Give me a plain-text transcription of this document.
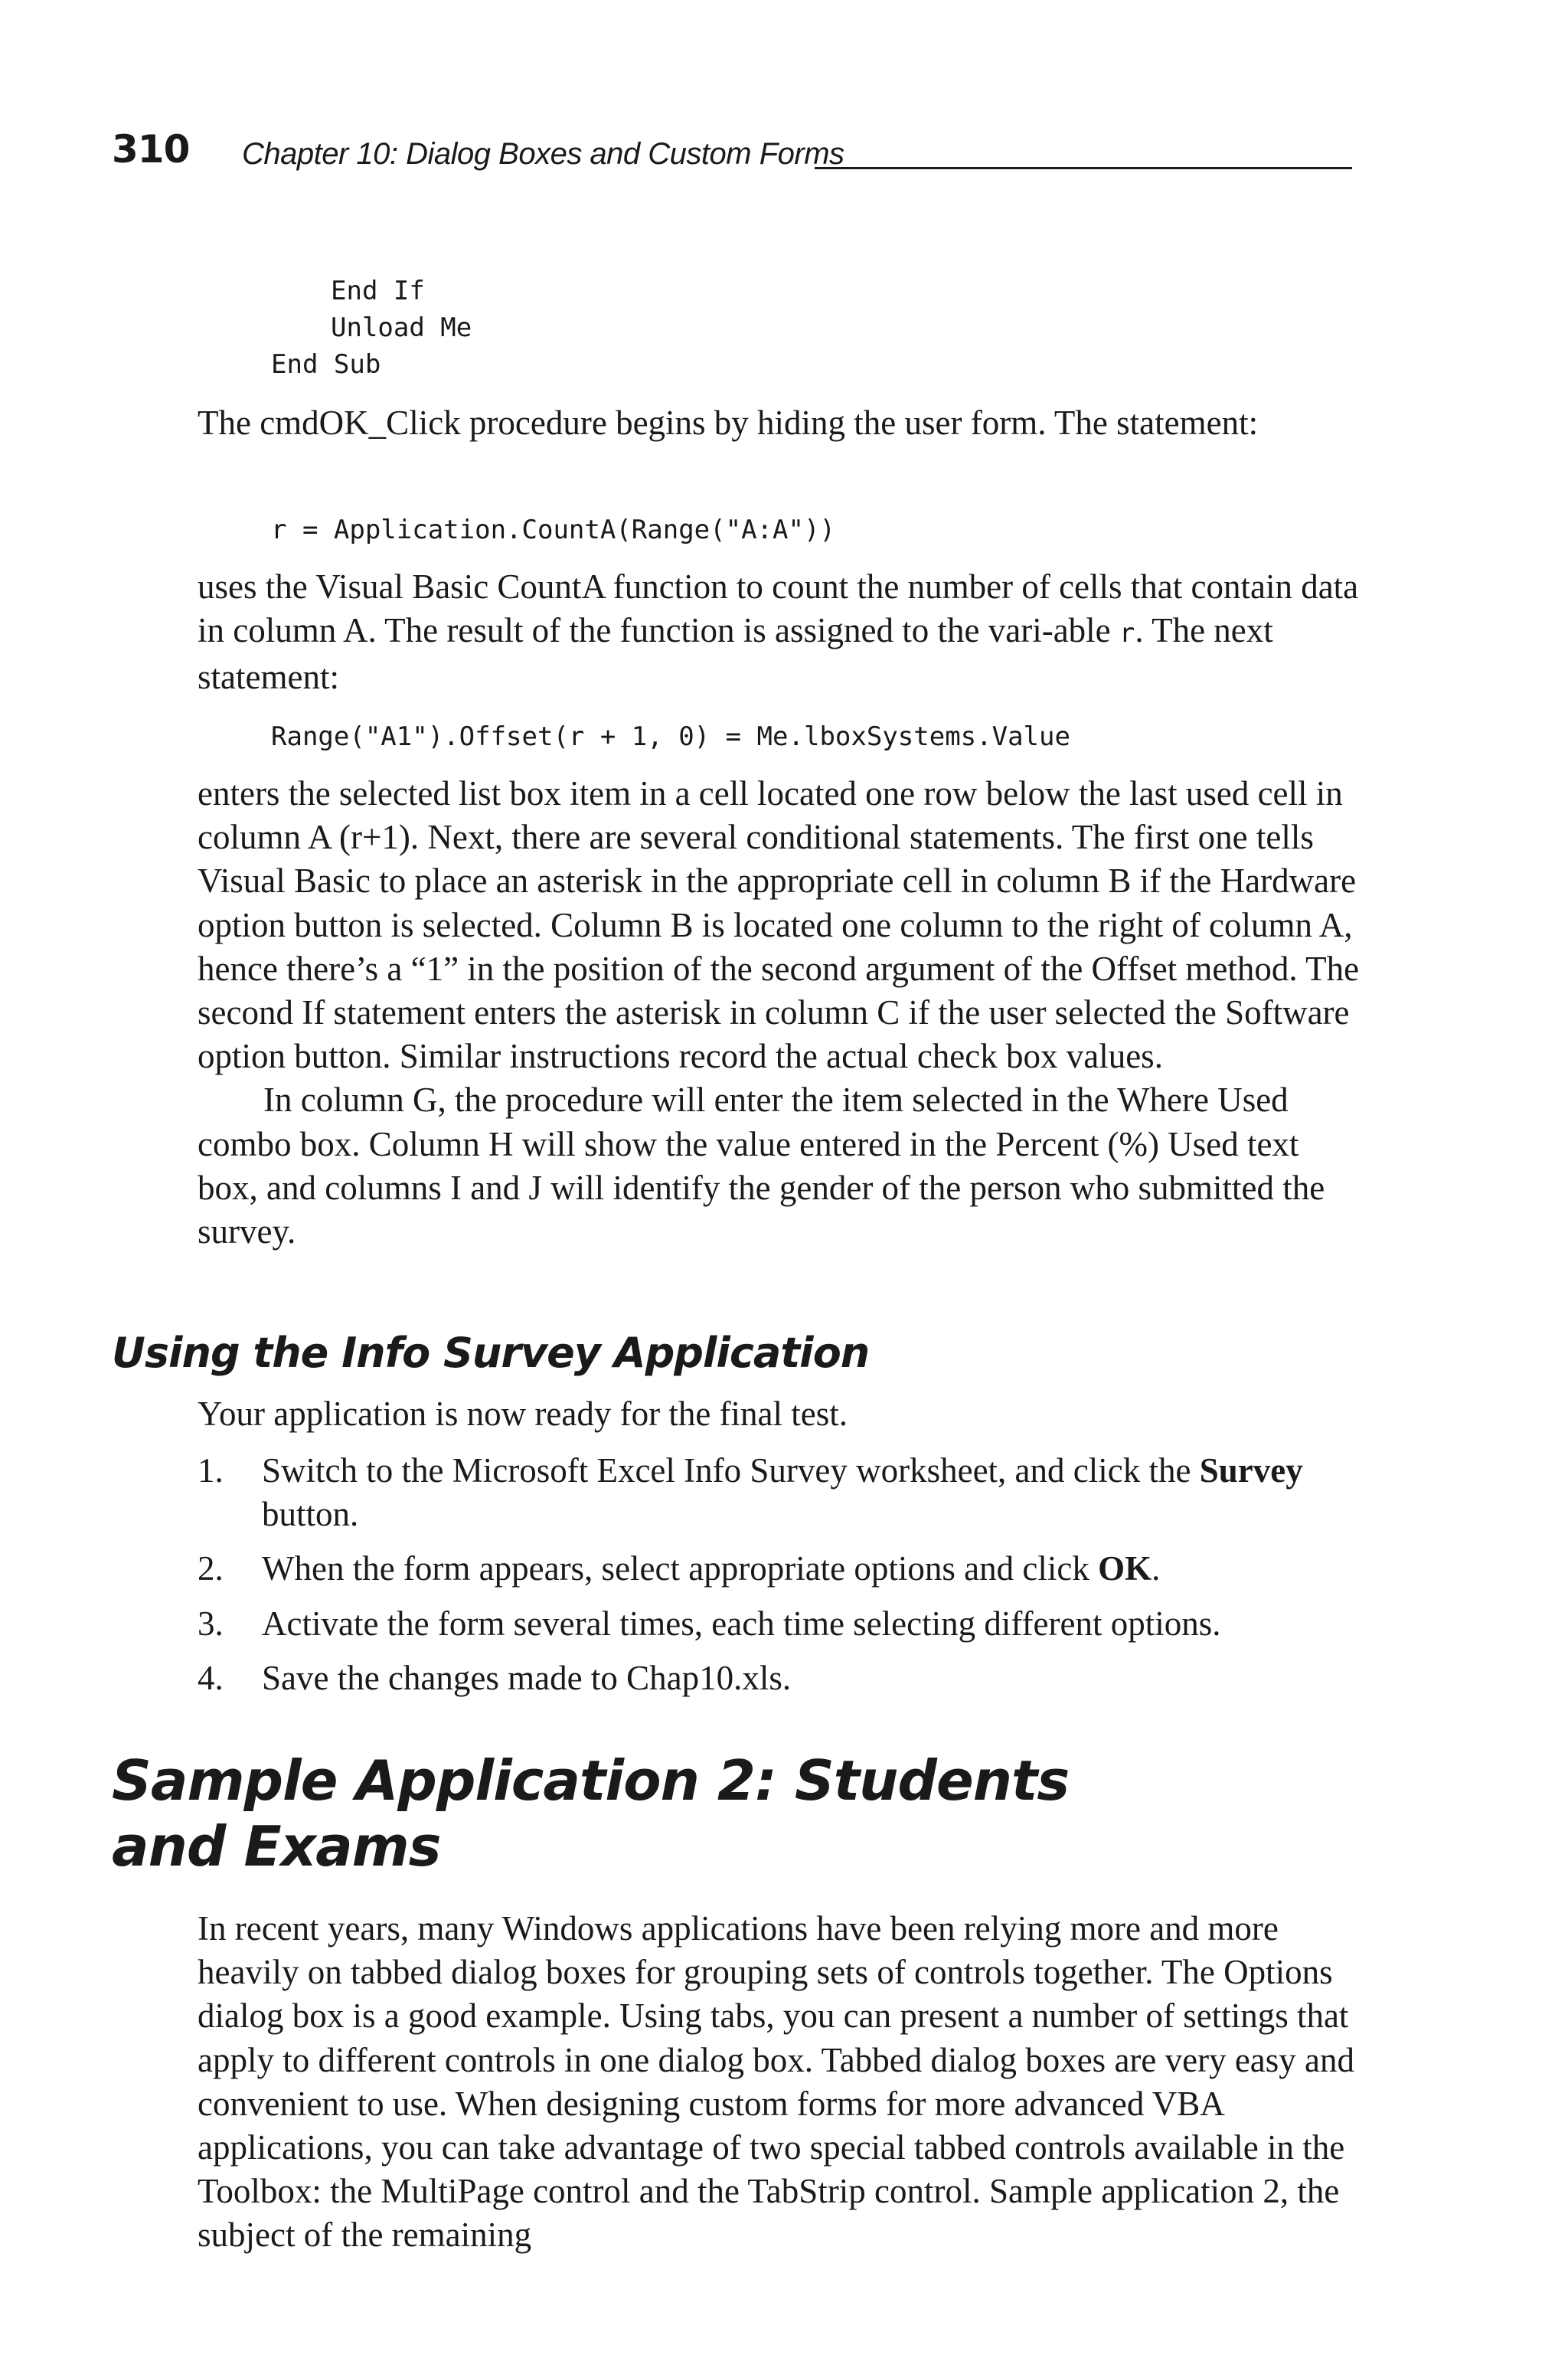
310 Chapter 10: Dialog Boxes and Custom Forms
End If
Unload Me
End Sub

The cmdOK_Click procedure begins by hiding the user form. The statement:

r = Application.CountA(Range("A:A"))

uses the Visual Basic CountA function to count the number of cells that contain data in column A. The result of the function is assigned to the vari-able r. The next statement:

Range("A1").Offset(r + 1, 0) = Me.lboxSystems.Value

enters the selected list box item in a cell located one row below the last used cell in column A (r+1). Next, there are several conditional statements. The first one tells Visual Basic to place an asterisk in the appropriate cell in column B if the Hardware option button is selected. Column B is located one column to the right of column A, hence there’s a “1” in the position of the second argument of the Offset method. The second If statement enters the asterisk in column C if the user selected the Software option button. Similar instructions record the actual check box values.

In column G, the procedure will enter the item selected in the Where Used combo box. Column H will show the value entered in the Percent (%) Used text box, and columns I and J will identify the gender of the person who submitted the survey.

Using the Info Survey Application

Your application is now ready for the final test.

1. Switch to the Microsoft Excel Info Survey worksheet, and click the Survey button.
2. When the form appears, select appropriate options and click OK.
3. Activate the form several times, each time selecting different options.
4. Save the changes made to Chap10.xls.
Sample Application 2: Students
and Exams

In recent years, many Windows applications have been relying more and more heavily on tabbed dialog boxes for grouping sets of controls together. The Options dialog box is a good example. Using tabs, you can present a number of settings that apply to different controls in one dialog box. Tabbed dialog boxes are very easy and convenient to use. When designing custom forms for more advanced VBA applications, you can take advantage of two special tabbed controls available in the Toolbox: the MultiPage control and the TabStrip control. Sample application 2, the subject of the remaining
